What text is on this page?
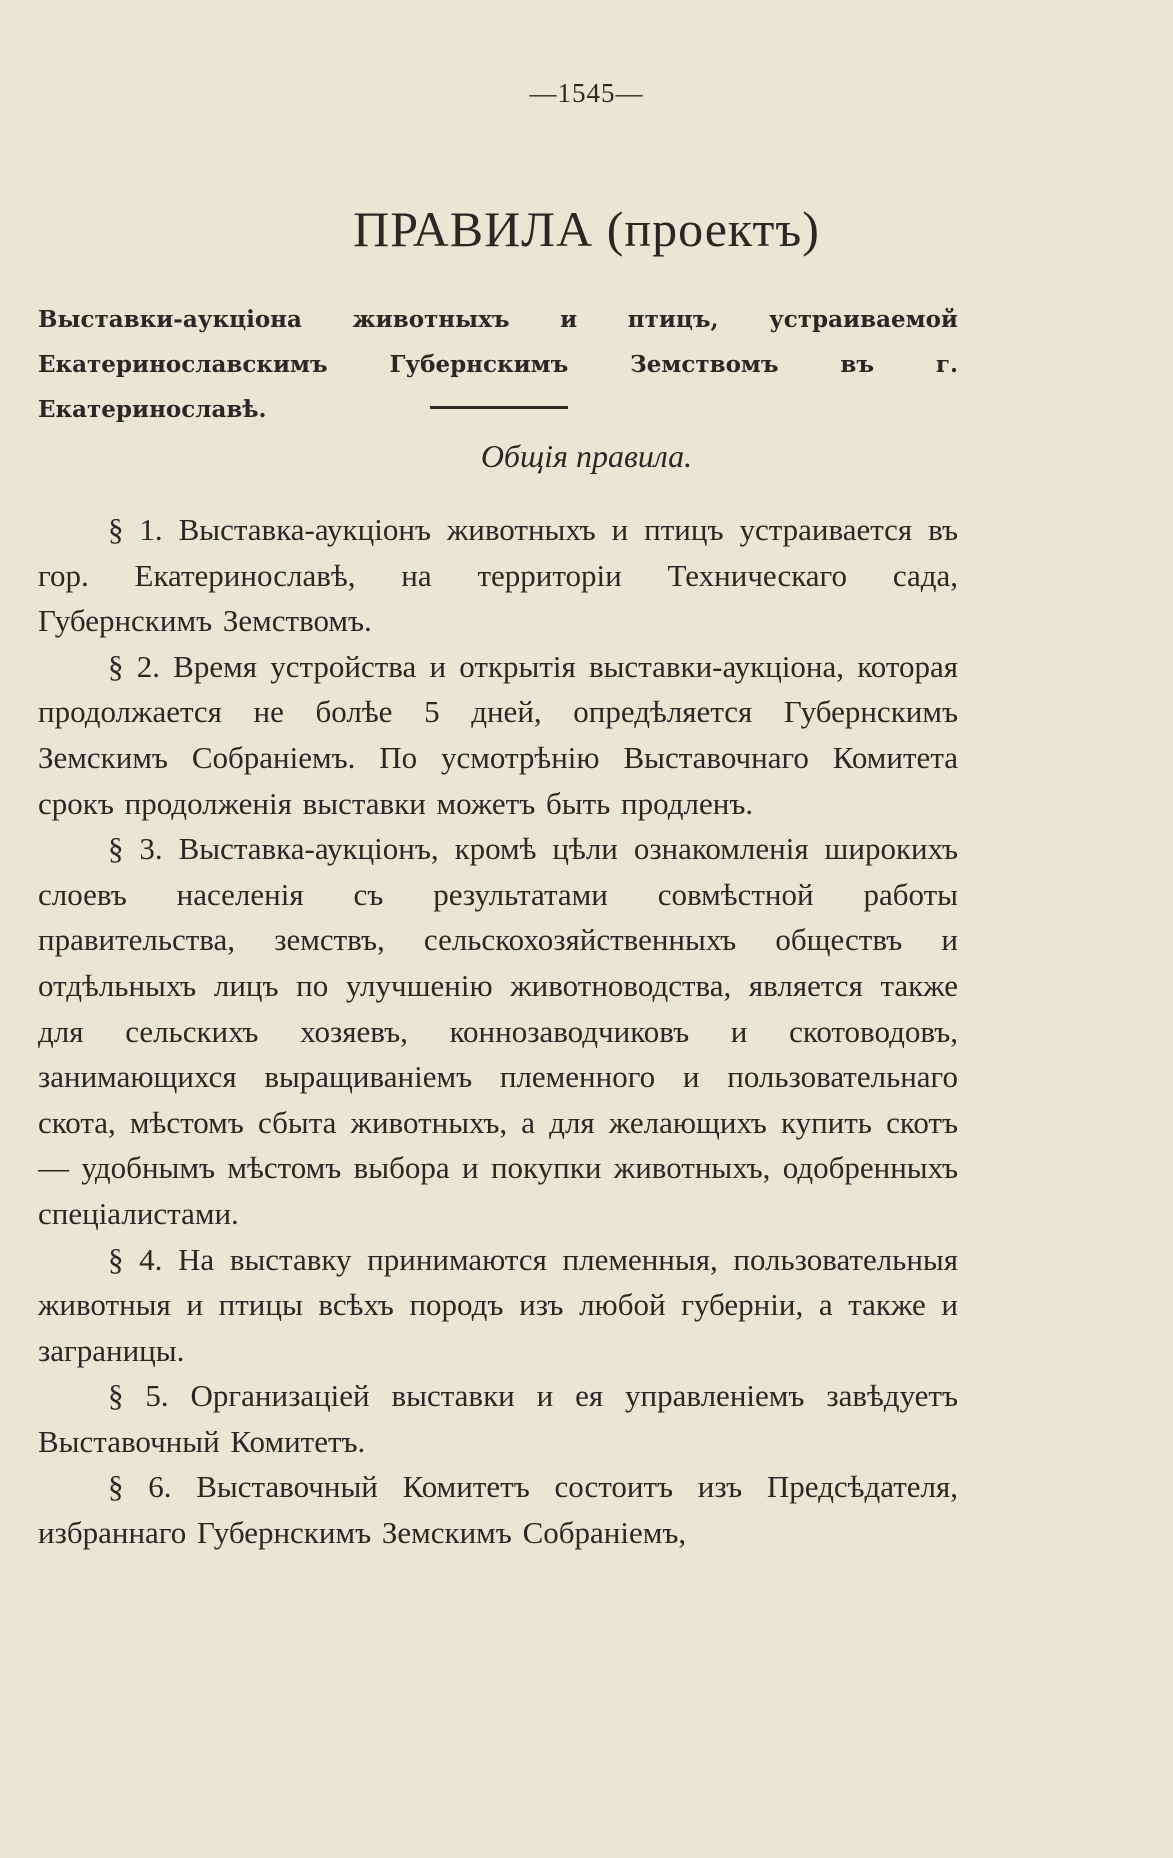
—1545—
ПРАВИЛА (проектъ)
Выставки-аукціона животныхъ и птицъ, устраиваемой Екатеринославскимъ Губернскимъ Земствомъ въ г. Екатеринославѣ.
Общія правила.

§ 1. Выставка-аукціонъ животныхъ и птицъ устраивается въ гор. Екатеринославѣ, на территоріи Техническаго сада, Губернскимъ Земствомъ.

§ 2. Время устройства и открытія выставки-аукціона, которая продолжается не болѣе 5 дней, опредѣляется Губернскимъ Земскимъ Собраніемъ. По усмотрѣнію Выставочнаго Комитета срокъ продолженія выставки можетъ быть продленъ.

§ 3. Выставка-аукціонъ, кромѣ цѣли ознакомленія широкихъ слоевъ населенія съ результатами совмѣстной работы правительства, земствъ, сельскохозяйственныхъ обществъ и отдѣльныхъ лицъ по улучшенію животноводства, является также для сельскихъ хозяевъ, коннозаводчиковъ и скотоводовъ, занимающихся выращиваніемъ племенного и пользовательнаго скота, мѣстомъ сбыта животныхъ, а для желающихъ купить скотъ— удобнымъ мѣстомъ выбора и покупки животныхъ, одобренныхъ спеціалистами.

§ 4. На выставку принимаются племенныя, пользовательныя животныя и птицы всѣхъ породъ изъ любой губерніи, а также и заграницы.

§ 5. Организаціей выставки и ея управленіемъ завѣдуетъ Выставочный Комитетъ.

§ 6. Выставочный Комитетъ состоитъ изъ Предсѣдателя, избраннаго Губернскимъ Земскимъ Собраніемъ,
